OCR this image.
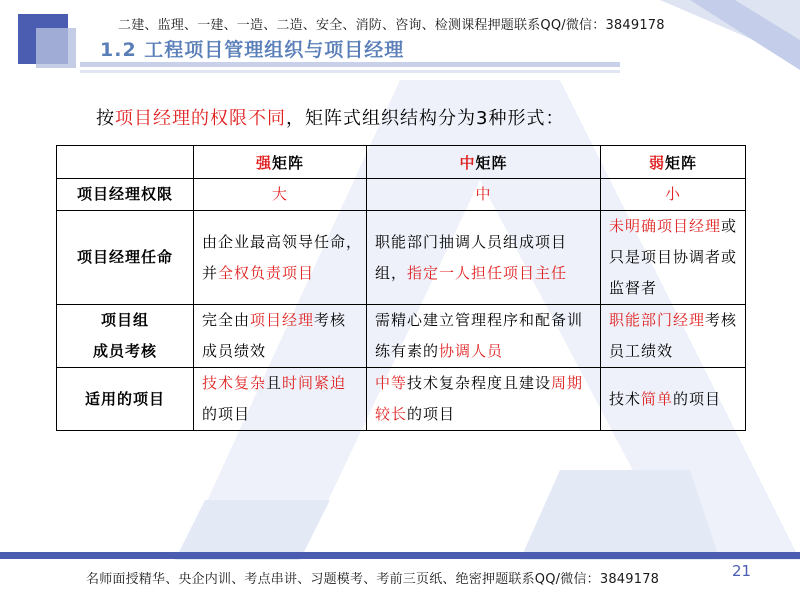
二建、监理、一建、一造、二造、安全、消防、咨询、检测课程押题联系QQ/微信：3849178
1.2 工程项目管理组织与项目经理
按项目经理的权限不同，矩阵式组织结构分为3种形式：
	强矩阵	中矩阵	弱矩阵
项目经理权限	大	中	小
项目经理任命	由企业最高领导任命，并全权负责项目	职能部门抽调人员组成项目组，指定一人担任项目主任	未明确项目经理或只是项目协调者或监督者

项目组
成员考核	完全由项目经理考核成员绩效	需精心建立管理程序和配备训练有素的协调人员	职能部门经理考核员工绩效
适用的项目	技术复杂且时间紧迫的项目	中等技术复杂程度且建设周期较长的项目	技术简单的项目
名师面授精华、央企内训、考点串讲、习题模考、考前三页纸、绝密押题联系QQ/微信：3849178	21
